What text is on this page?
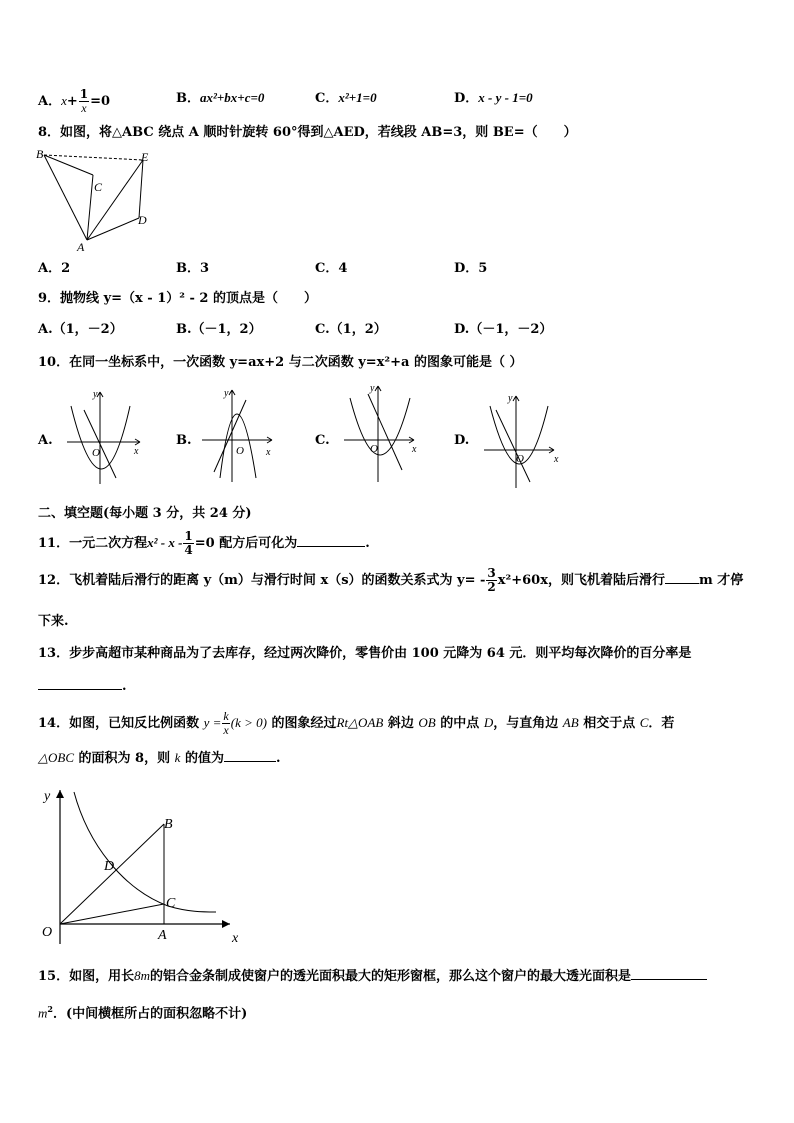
A．$x+ \frac{1}{x} =0$	B．ax²+bx+c=0	C．x²+1=0	D．x - y - 1=0
8．如图，将△ABC 绕点 A 顺时针旋转 60°得到△AED，若线段 AB=3，则 BE=（　　）
B	E
C
D
A
A．2	B．3	C．4	D．5
9．抛物线 y=（x - 1）² - 2 的顶点是（　　）
A.（1，－2）	B.（－1，2）	C.（1，2）	D.（－1，－2）
10．在同一坐标系中，一次函数 y=ax+2 与二次函数 y=x²+a 的图象可能是（ ）
A.
y
x
O
B.
y
x
O
C.
y
x
O
D.
y
x
O
二、填空题(每小题 3 分，共 24 分)
11．一元二次方程$x^2 - x - \frac{1}{4} =0$ 配方后可化为	.
12．飞机着陆后滑行的距离 y（m）与滑行时间 x（s）的函数关系式为 $y= - \frac{3}{2} x^2+60x$，则飞机着陆后滑行	m 才停
下来.
13．步步高超市某种商品为了去库存，经过两次降价，零售价由 100 元降为 64 元．则平均每次降价的百分率是
.
14．如图，已知反比例函数 $y = \frac{k}{x} (k > 0)$ 的图象经过Rt△OAB 斜边 OB 的中点 D，与直角边 AB 相交于点 C．若
△OBC 的面积为 8，则 k 的值为	.
y
x
O	A
B
C
D
15．如图，用长8m的铝合金条制成使窗户的透光面积最大的矩形窗框，那么这个窗户的最大透光面积是
$m^2$．(中间横框所占的面积忽略不计)
